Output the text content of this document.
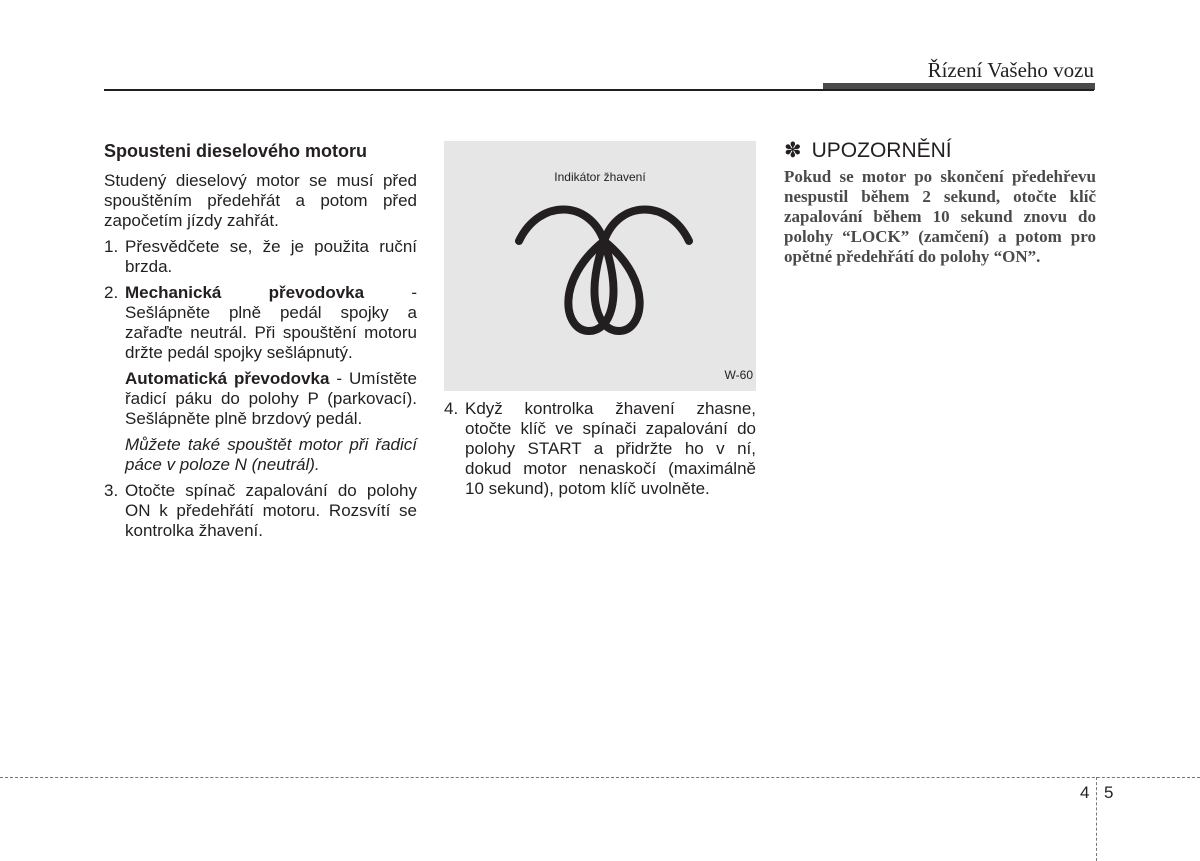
Řízení Vašeho vozu
Spousteni dieselového motoru
Studený dieselový motor se musí před spouštěním předehřát a potom před započetím jízdy zahřát.
1. Přesvědčete se, že je použita ruční brzda.
2. Mechanická převodovka - Sešlápněte plně pedál spojky a zařaďte neutrál. Při spouštění motoru držte pedál spojky sešlápnutý.
Automatická převodovka - Umístěte řadicí páku do polohy P (parkovací). Sešlápněte plně brzdový pedál.
Můžete také spouštět motor při řadicí páce v poloze N (neutrál).
3. Otočte spínač zapalování do polohy ON k předehřátí motoru. Rozsvítí se kontrolka žhavení.
Indikátor žhavení
W-60
4. Když kontrolka žhavení zhasne, otočte klíč ve spínači zapalování do polohy START a přidržte ho v ní, dokud motor nenaskočí (maximálně 10 sekund), potom klíč uvolněte.
✽ UPOZORNĚNÍ
Pokud se motor po skončení předehřevu nespustil během 2 sekund, otočte klíč zapalování během 10 sekund znovu do polohy “LOCK” (zamčení) a potom pro opětné předehřátí do polohy “ON”.
4 5
